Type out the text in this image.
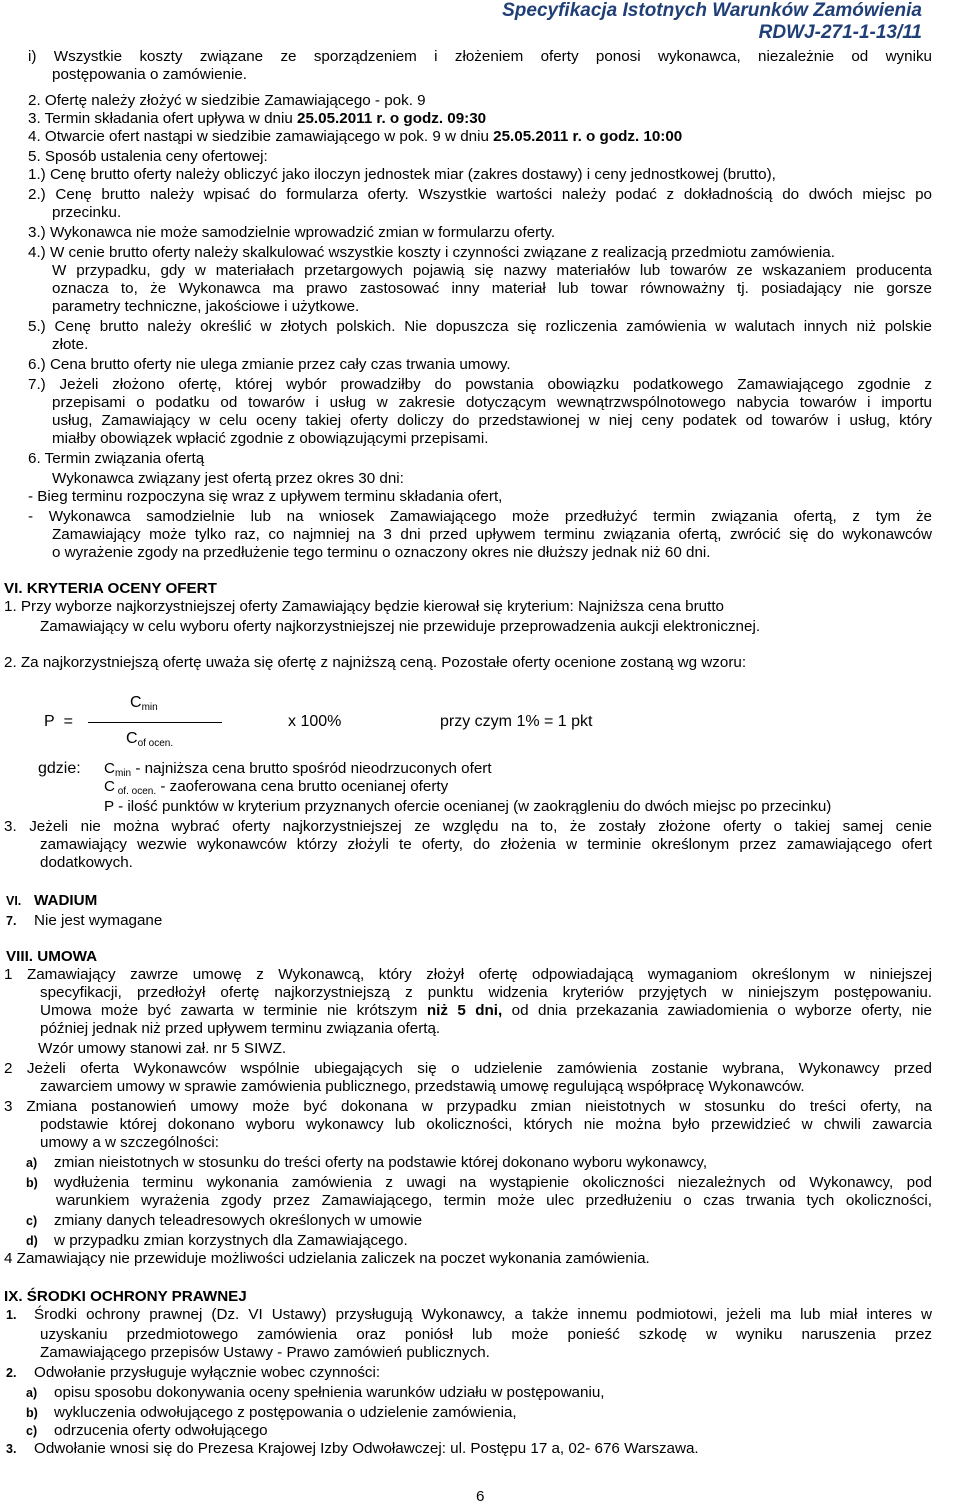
Specyfikacja Istotnych Warunków Zamówienia
RDWJ-271-1-13/11
i) Wszystkie koszty związane ze sporządzeniem i złożeniem oferty ponosi wykonawca, niezależnie od wyniku
postępowania o zamówienie.
2. Ofertę należy złożyć w siedzibie Zamawiającego - pok. 9
3. Termin składania ofert upływa w dniu 25.05.2011 r. o godz. 09:30
4. Otwarcie ofert nastąpi w siedzibie zamawiającego w pok. 9 w dniu 25.05.2011 r. o godz. 10:00
5. Sposób ustalenia ceny ofertowej:
1.) Cenę brutto oferty należy obliczyć jako iloczyn jednostek miar (zakres dostawy) i ceny jednostkowej (brutto),
2.) Cenę brutto należy wpisać do formularza oferty. Wszystkie wartości należy podać z dokładnością do dwóch miejsc po
przecinku.
3.) Wykonawca nie może samodzielnie wprowadzić zmian w formularzu oferty.
4.) W cenie brutto oferty należy skalkulować wszystkie koszty i czynności związane z realizacją przedmiotu zamówienia.
W przypadku, gdy w materiałach przetargowych pojawią się nazwy materiałów lub towarów ze wskazaniem producenta
oznacza to, że Wykonawca ma prawo zastosować inny materiał lub towar równoważny tj. posiadający nie gorsze
parametry techniczne, jakościowe i użytkowe.
5.) Cenę brutto należy określić w złotych polskich. Nie dopuszcza się rozliczenia zamówienia w walutach innych niż polskie
złote.
6.) Cena brutto oferty nie ulega zmianie przez cały czas trwania umowy.
7.) Jeżeli złożono ofertę, której wybór prowadziłby do powstania obowiązku podatkowego Zamawiającego zgodnie z
przepisami o podatku od towarów i usług w zakresie dotyczącym wewnątrzwspólnotowego nabycia towarów i importu
usług, Zamawiający w celu oceny takiej oferty doliczy do przedstawionej w niej ceny podatek od towarów i usług, który
miałby obowiązek wpłacić zgodnie z obowiązującymi przepisami.
6. Termin związania ofertą
Wykonawca związany jest ofertą przez okres 30 dni:
- Bieg terminu rozpoczyna się wraz z upływem terminu składania ofert,
- Wykonawca samodzielnie lub na wniosek Zamawiającego może przedłużyć termin związania ofertą, z tym że
Zamawiający może tylko raz, co najmniej na 3 dni przed upływem terminu związania ofertą, zwrócić się do wykonawców
o wyrażenie zgody na przedłużenie tego terminu o oznaczony okres nie dłuższy jednak niż 60 dni.
VI. KRYTERIA OCENY OFERT
1. Przy wyborze najkorzystniejszej oferty Zamawiający będzie kierował się kryterium: Najniższa cena brutto
Zamawiający w celu wyboru oferty najkorzystniejszej nie przewiduje przeprowadzenia aukcji elektronicznej.
2. Za najkorzystniejszą ofertę uważa się ofertę z najniższą ceną. Pozostałe oferty ocenione zostaną wg wzoru:
3. Jeżeli nie można wybrać oferty najkorzystniejszej ze względu na to, że zostały złożone oferty o takiej samej cenie
zamawiający wezwie wykonawców którzy złożyli te oferty, do złożenia w terminie określonym przez zamawiającego ofert
dodatkowych.
VI. WADIUM
7. Nie jest wymagane
VIII. UMOWA
1 Zamawiający zawrze umowę z Wykonawcą, który złożył ofertę odpowiadającą wymaganiom określonym w niniejszej
specyfikacji, przedłożył ofertę najkorzystniejszą z punktu widzenia kryteriów przyjętych w niniejszym postępowaniu.
Umowa może być zawarta w terminie nie krótszym niż 5 dni, od dnia przekazania zawiadomienia o wyborze oferty, nie
później jednak niż przed upływem terminu związania ofertą.
Wzór umowy stanowi zał. nr 5 SIWZ.
2 Jeżeli oferta Wykonawców wspólnie ubiegających się o udzielenie zamówienia zostanie wybrana, Wykonawcy przed
zawarciem umowy w sprawie zamówienia publicznego, przedstawią umowę regulującą współpracę Wykonawców.
3 Zmiana postanowień umowy może być dokonana w przypadku zmian nieistotnych w stosunku do treści oferty, na
podstawie której dokonano wyboru wykonawcy lub okoliczności, których nie można było przewidzieć w chwili zawarcia
umowy a w szczególności:
a) zmian nieistotnych w stosunku do treści oferty na podstawie której dokonano wyboru wykonawcy,
b) wydłużenia terminu wykonania zamówienia z uwagi na wystąpienie okoliczności niezależnych od Wykonawcy, pod
warunkiem wyrażenia zgody przez Zamawiającego, termin może ulec przedłużeniu o czas trwania tych okoliczności,
c) zmiany danych teleadresowych określonych w umowie
d) w przypadku zmian korzystnych dla Zamawiającego.
4 Zamawiający nie przewiduje możliwości udzielania zaliczek na poczet wykonania zamówienia.
IX. ŚRODKI OCHRONY PRAWNEJ
1. Środki ochrony prawnej (Dz. VI Ustawy) przysługują Wykonawcy, a także innemu podmiotowi, jeżeli ma lub miał interes w
uzyskaniu przedmiotowego zamówienia oraz poniósł lub może ponieść szkodę w wyniku naruszenia przez
Zamawiającego przepisów Ustawy - Prawo zamówień publicznych.
2. Odwołanie przysługuje wyłącznie wobec czynności:
a) opisu sposobu dokonywania oceny spełnienia warunków udziału w postępowaniu,
b) wykluczenia odwołującego z postępowania o udzielenie zamówienia,
c) odrzucenia oferty odwołującego
3. Odwołanie wnosi się do Prezesa Krajowej Izby Odwoławczej: ul. Postępu 17 a, 02- 676 Warszawa.
Cmin
P =	x 100%	przy czym 1% = 1 pkt
Cof ocen.
gdzie: Cmin - najniższa cena brutto spośród nieodrzuconych ofert
C of. ocen. - zaoferowana cena brutto ocenianej oferty
P - ilość punktów w kryterium przyznanych ofercie ocenianej (w zaokrągleniu do dwóch miejsc po przecinku)
6
